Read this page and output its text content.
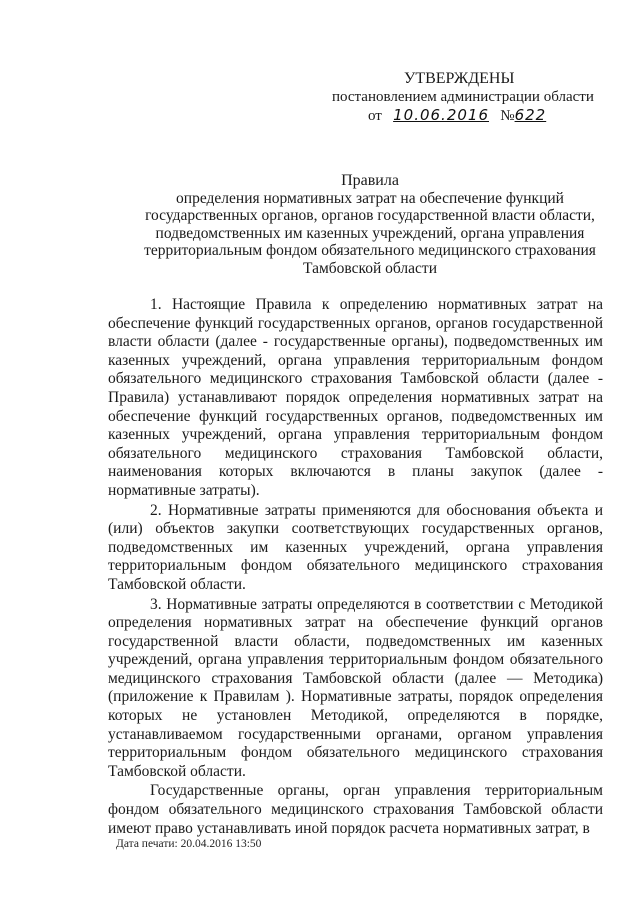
УТВЕРЖДЕНЫ
постановлением администрации области
от 10.06.2016 №622
Правила
определения нормативных затрат на обеспечение функций
государственных органов, органов государственной власти области,
подведомственных им казенных учреждений, органа управления
территориальным фондом обязательного медицинского страхования
Тамбовской области

1. Настоящие Правила к определению нормативных затрат на обеспечение функций государственных органов, органов государственной власти области (далее - государственные органы), подведомственных им казенных учреждений, органа управления территориальным фондом обязательного медицинского страхования Тамбовской области (далее - Правила) устанавливают порядок определения нормативных затрат на обеспечение функций государственных органов, подведомственных им казенных учреждений, органа управления территориальным фондом обязательного медицинского страхования Тамбовской области, наименования которых включаются в планы закупок (далее - нормативные затраты).

2. Нормативные затраты применяются для обоснования объекта и (или) объектов закупки соответствующих государственных органов, подведомственных им казенных учреждений, органа управления территориальным фондом обязательного медицинского страхования Тамбовской области.

3. Нормативные затраты определяются в соответствии с Методикой определения нормативных затрат на обеспечение функций органов государственной власти области, подведомственных им казенных учреждений, органа управления территориальным фондом обязательного медицинского страхования Тамбовской области (далее — Методика) (приложение к Правилам ). Нормативные затраты, порядок определения которых не установлен Методикой, определяются в порядке, устанавливаемом государственными органами, органом управления территориальным фондом обязательного медицинского страхования Тамбовской области.

Государственные органы, орган управления территориальным фондом обязательного медицинского страхования Тамбовской области имеют право устанавливать иной порядок расчета нормативных затрат, в

Дата печати: 20.04.2016 13:50
